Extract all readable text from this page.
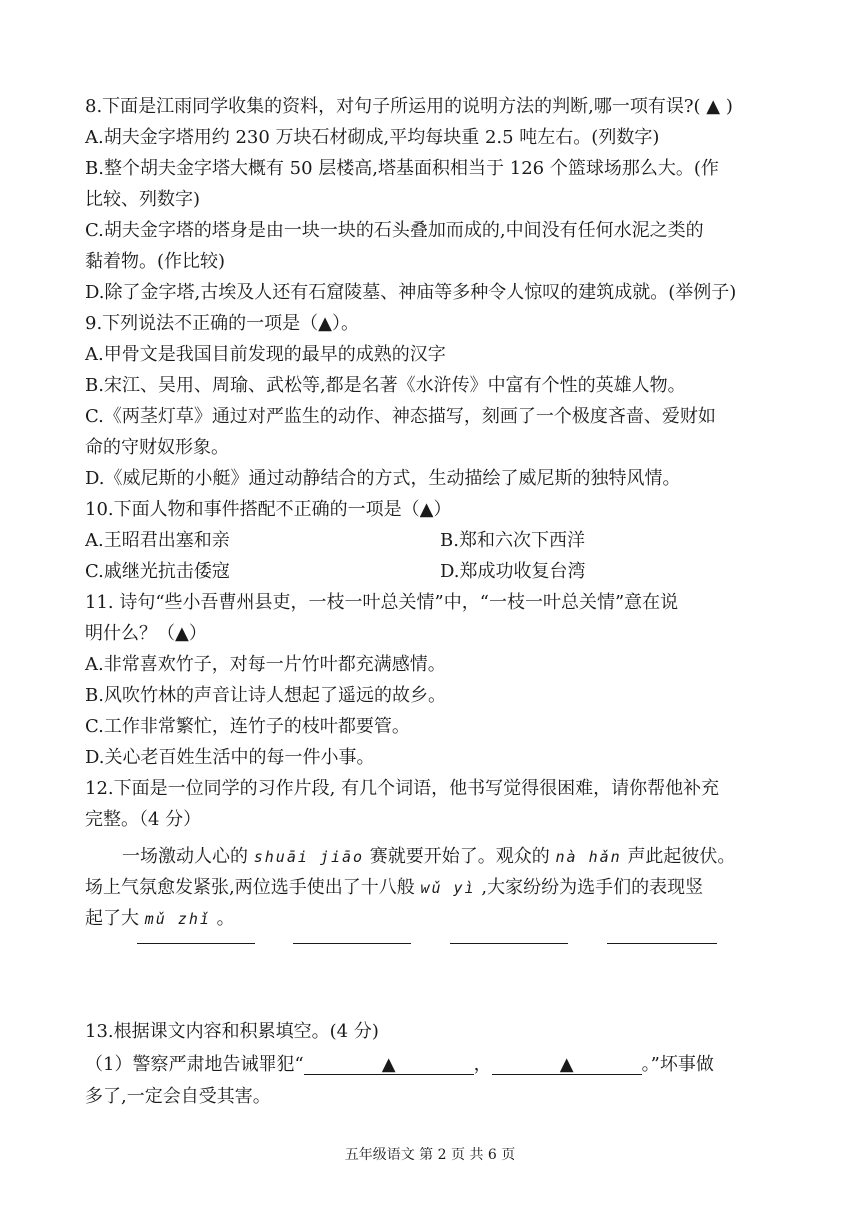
8.下面是江雨同学收集的资料，对句子所运用的说明方法的判断,哪一项有误?( ▲ )
A.胡夫金字塔用约 230 万块石材砌成,平均每块重 2.5 吨左右。(列数字)
B.整个胡夫金字塔大概有 50 层楼高,塔基面积相当于 126 个篮球场那么大。(作
比较、列数字)
C.胡夫金字塔的塔身是由一块一块的石头叠加而成的,中间没有任何水泥之类的
黏着物。(作比较)
D.除了金字塔,古埃及人还有石窟陵墓、神庙等多种令人惊叹的建筑成就。(举例子)
9.下列说法不正确的一项是（▲）。
A.甲骨文是我国目前发现的最早的成熟的汉字
B.宋江、吴用、周瑜、武松等,都是名著《水浒传》中富有个性的英雄人物。
C.《两茎灯草》通过对严监生的动作、神态描写，刻画了一个极度吝啬、爱财如
命的守财奴形象。
D.《威尼斯的小艇》通过动静结合的方式，生动描绘了威尼斯的独特风情。
10.下面人物和事件搭配不正确的一项是（▲）
A.王昭君出塞和亲	B.郑和六次下西洋
C.戚继光抗击倭寇	D.郑成功收复台湾
11. 诗句“些小吾曹州县吏，一枝一叶总关情”中，“一枝一叶总关情”意在说
明什么？（▲）
A.非常喜欢竹子，对每一片竹叶都充满感情。
B.风吹竹林的声音让诗人想起了遥远的故乡。
C.工作非常繁忙，连竹子的枝叶都要管。
D.关心老百姓生活中的每一件小事。
12.下面是一位同学的习作片段, 有几个词语，他书写觉得很困难，请你帮他补充
完整。（4 分）
一场激动人心的 shuāi jiāo 赛就要开始了。观众的 nà hǎn 声此起彼伏。
场上气氛愈发紧张,两位选手使出了十八般 wǔ yì ,大家纷纷为选手们的表现竖
起了大 mǔ zhǐ 。
13.根据课文内容和积累填空。(4 分)
（1）警察严肃地告诫罪犯“	▲	，	▲	。”坏事做
多了,一定会自受其害。
五年级语文 第 2 页 共 6 页
